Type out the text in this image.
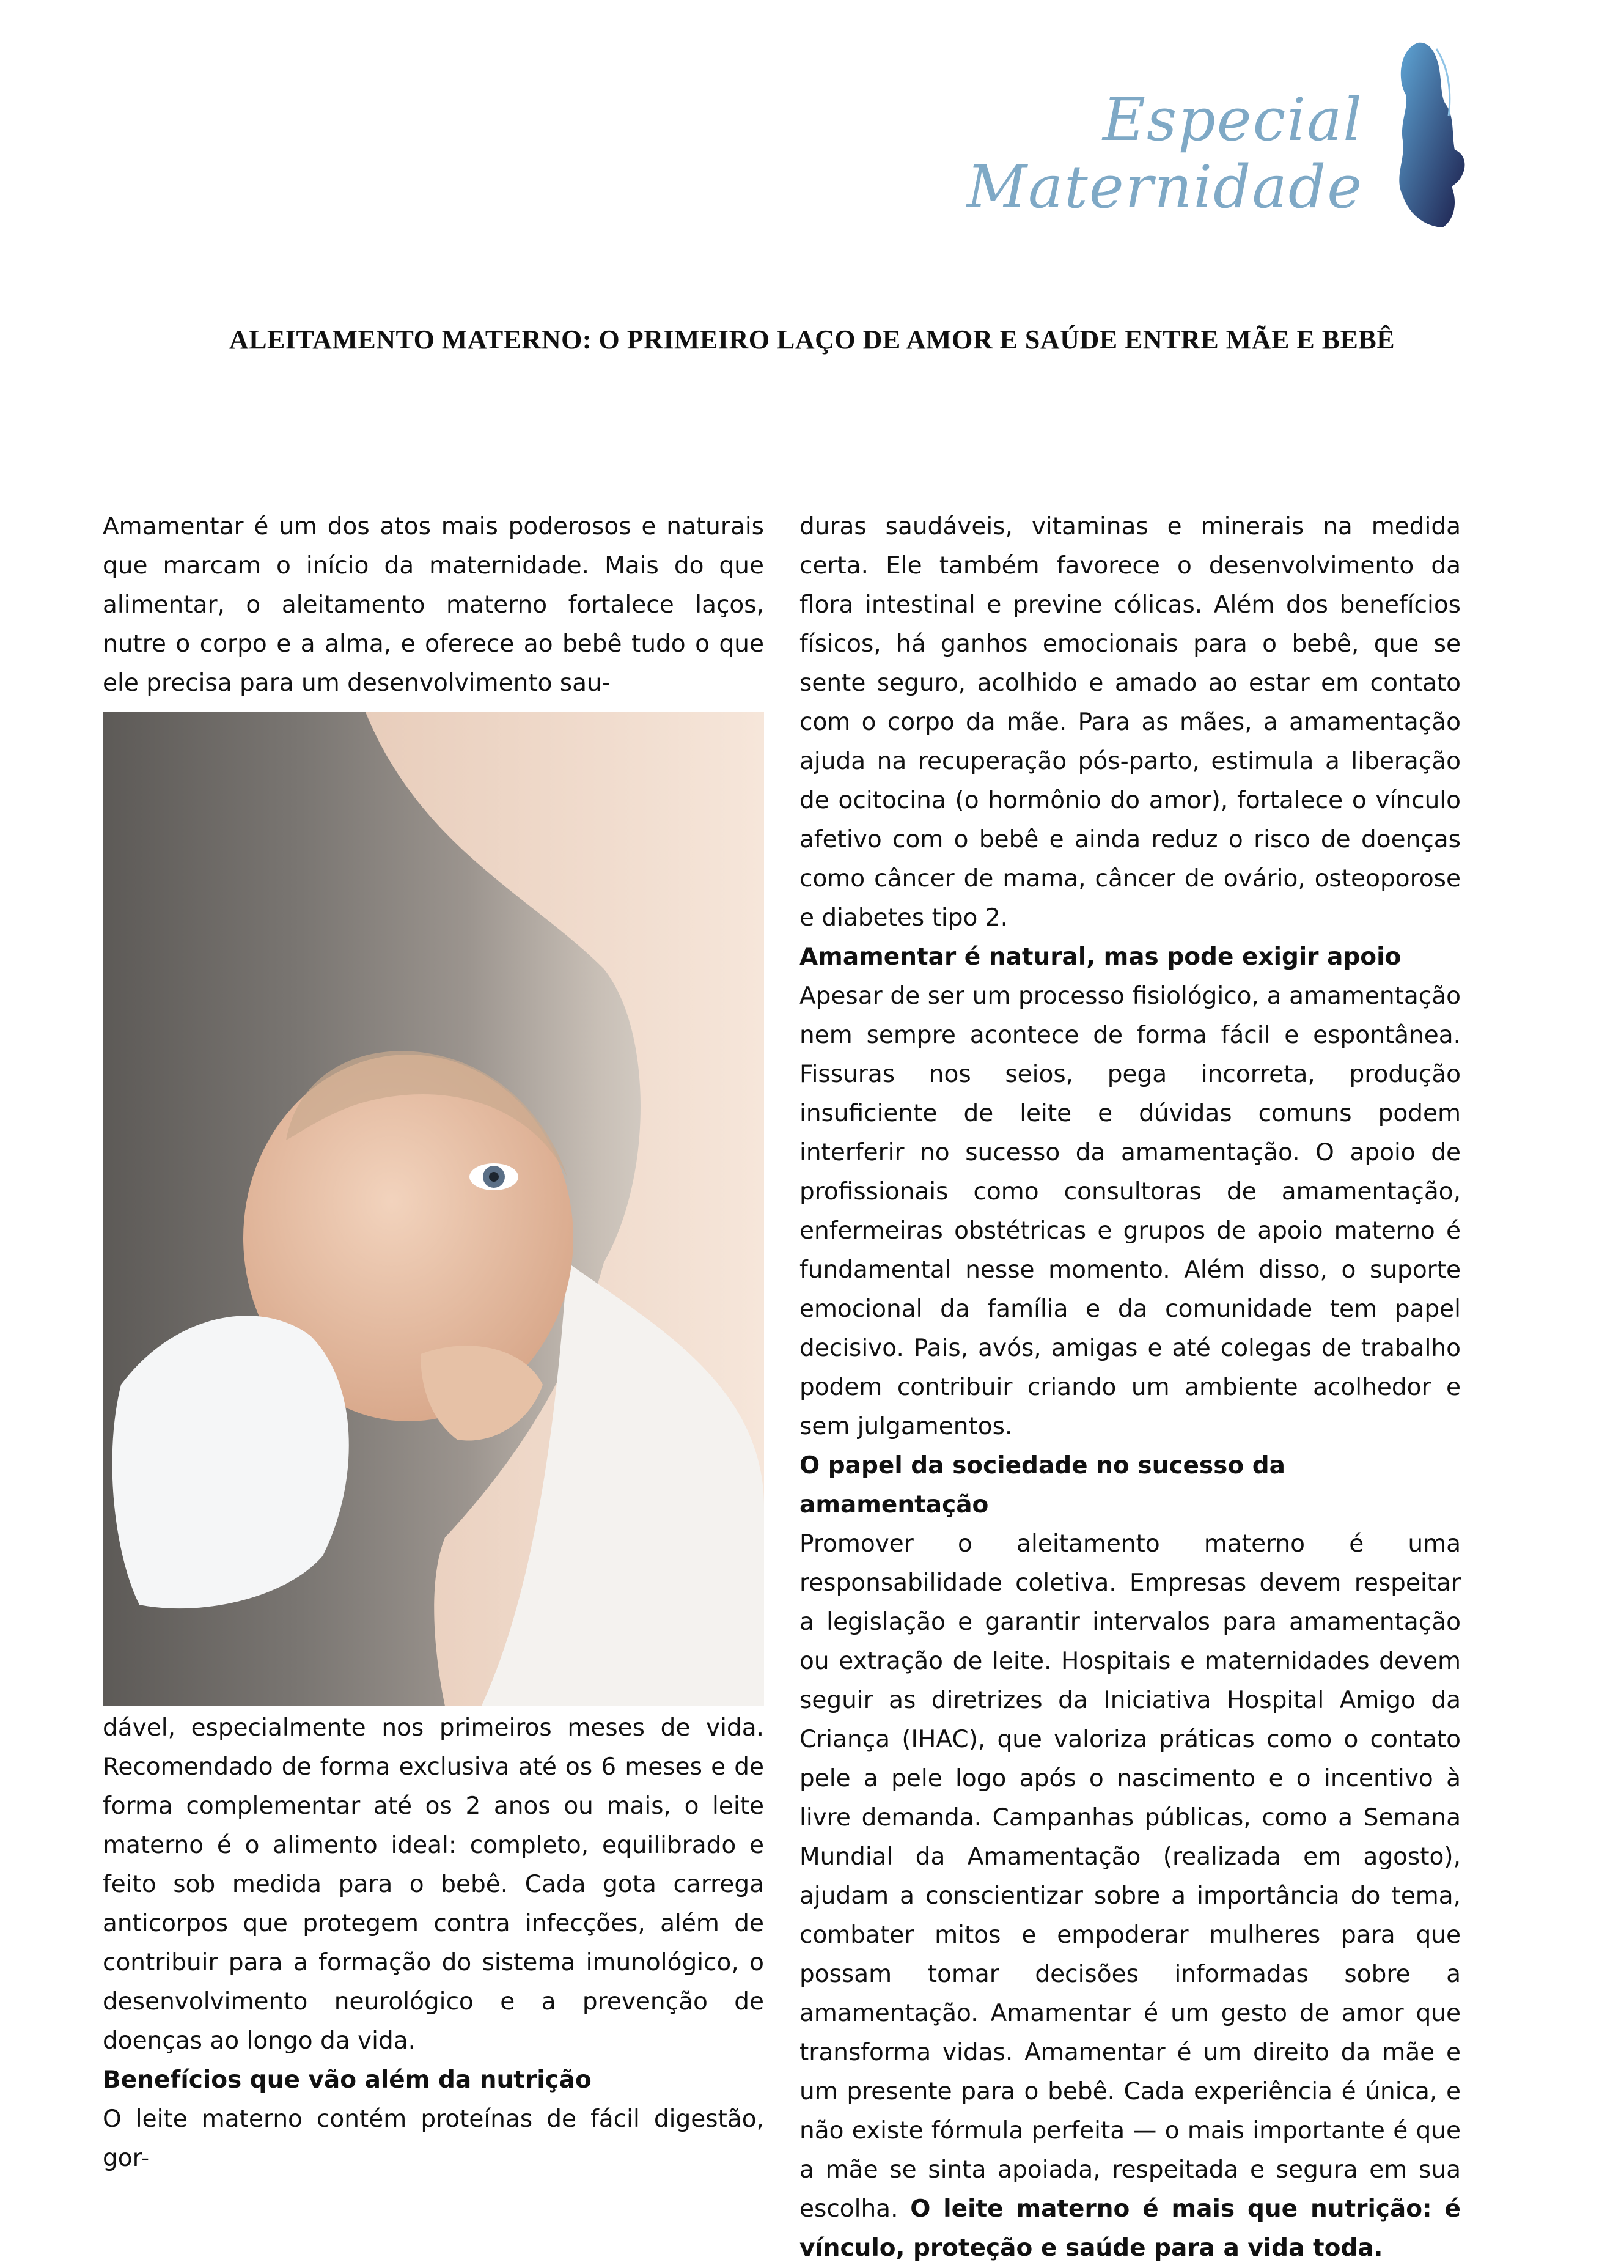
Especial
Maternidade
ALEITAMENTO MATERNO: O PRIMEIRO LAÇO DE AMOR E SAÚDE ENTRE MÃE E BEBÊ

Amamentar é um dos atos mais poderosos e naturais que marcam o início da maternidade. Mais do que alimentar, o aleitamento materno fortalece laços, nutre o corpo e a alma, e oferece ao bebê tudo o que ele precisa para um desenvolvimento sau-

dável, especialmente nos primeiros meses de vida. Recomendado de forma exclusiva até os 6 meses e de forma complementar até os 2 anos ou mais, o leite materno é o alimento ideal: completo, equilibrado e feito sob medida para o bebê. Cada gota carrega anticorpos que protegem contra infecções, além de contribuir para a formação do sistema imunológico, o desenvolvimento neurológico e a prevenção de doenças ao longo da vida.

Benefícios que vão além da nutrição

O leite materno contém proteínas de fácil digestão, gor-

duras saudáveis, vitaminas e minerais na medida certa. Ele também favorece o desenvolvimento da flora intestinal e previne cólicas. Além dos benefícios físicos, há ganhos emocionais para o bebê, que se sente seguro, acolhido e amado ao estar em contato com o corpo da mãe. Para as mães, a amamentação ajuda na recuperação pós-parto, estimula a liberação de ocitocina (o hormônio do amor), fortalece o vínculo afetivo com o bebê e ainda reduz o risco de doenças como câncer de mama, câncer de ovário, osteoporose e diabetes tipo 2.

Amamentar é natural, mas pode exigir apoio

Apesar de ser um processo fisiológico, a amamentação nem sempre acontece de forma fácil e espontânea. Fissuras nos seios, pega incorreta, produção insuficiente de leite e dúvidas comuns podem interferir no sucesso da amamentação. O apoio de profissionais como consultoras de amamentação, enfermeiras obstétricas e grupos de apoio materno é fundamental nesse momento. Além disso, o suporte emocional da família e da comunidade tem papel decisivo. Pais, avós, amigas e até colegas de trabalho podem contribuir criando um ambiente acolhedor e sem julgamentos.

O papel da sociedade no sucesso da amamentação

Promover o aleitamento materno é uma responsabilidade coletiva. Empresas devem respeitar a legislação e garantir intervalos para amamentação ou extração de leite. Hospitais e maternidades devem seguir as diretrizes da Iniciativa Hospital Amigo da Criança (IHAC), que valoriza práticas como o contato pele a pele logo após o nascimento e o incentivo à livre demanda. Campanhas públicas, como a Semana Mundial da Amamentação (realizada em agosto), ajudam a conscientizar sobre a importância do tema, combater mitos e empoderar mulheres para que possam tomar decisões informadas sobre a amamentação. Amamentar é um gesto de amor que transforma vidas. Amamentar é um direito da mãe e um presente para o bebê. Cada experiência é única, e não existe fórmula perfeita — o mais importante é que a mãe se sinta apoiada, respeitada e segura em sua escolha. O leite materno é mais que nutrição: é vínculo, proteção e saúde para a vida toda.
